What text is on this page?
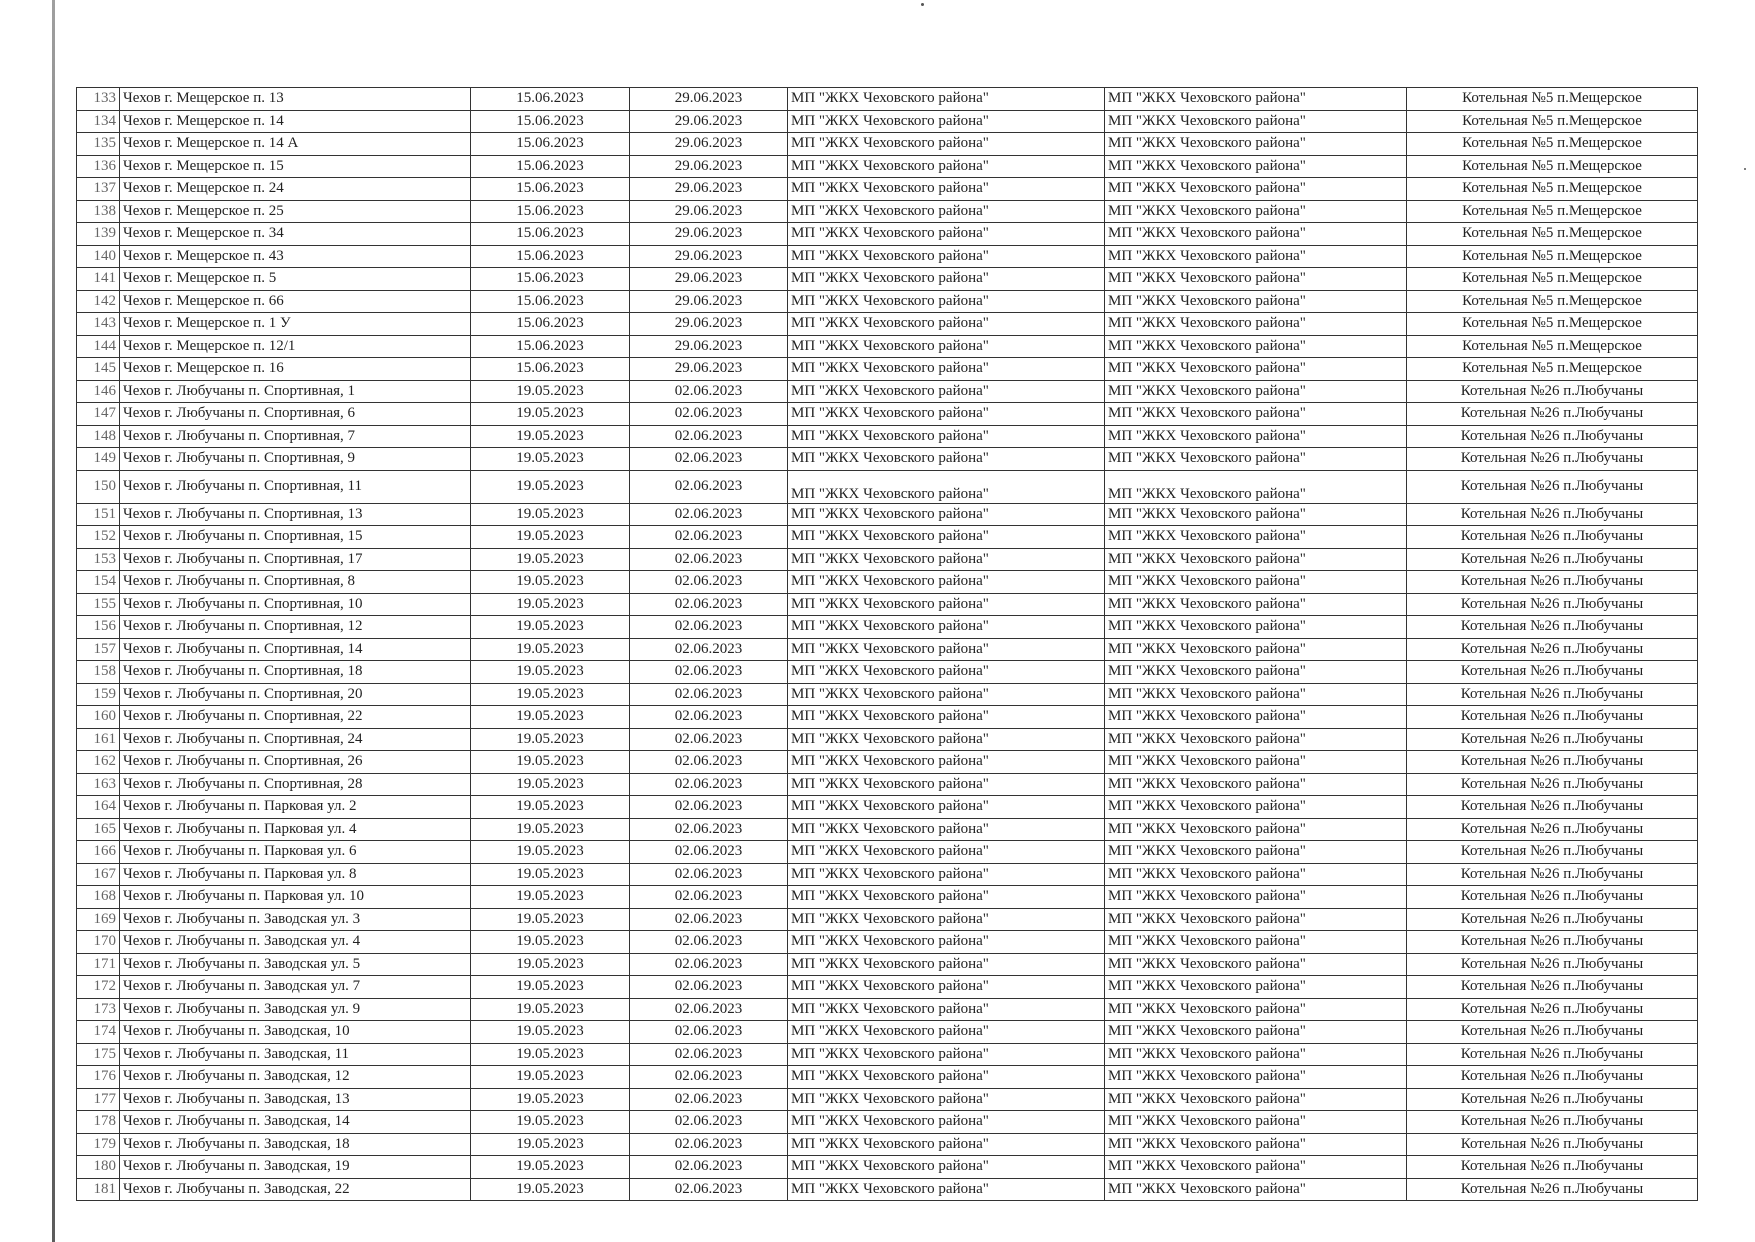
133	Чехов г. Мещерское п. 13	15.06.2023	29.06.2023	МП "ЖКХ Чеховского района"	МП "ЖКХ Чеховского района"	Котельная №5 п.Мещерское
134	Чехов г. Мещерское п. 14	15.06.2023	29.06.2023	МП "ЖКХ Чеховского района"	МП "ЖКХ Чеховского района"	Котельная №5 п.Мещерское
135	Чехов г. Мещерское п. 14 А	15.06.2023	29.06.2023	МП "ЖКХ Чеховского района"	МП "ЖКХ Чеховского района"	Котельная №5 п.Мещерское
136	Чехов г. Мещерское п. 15	15.06.2023	29.06.2023	МП "ЖКХ Чеховского района"	МП "ЖКХ Чеховского района"	Котельная №5 п.Мещерское
137	Чехов г. Мещерское п. 24	15.06.2023	29.06.2023	МП "ЖКХ Чеховского района"	МП "ЖКХ Чеховского района"	Котельная №5 п.Мещерское
138	Чехов г. Мещерское п. 25	15.06.2023	29.06.2023	МП "ЖКХ Чеховского района"	МП "ЖКХ Чеховского района"	Котельная №5 п.Мещерское
139	Чехов г. Мещерское п. 34	15.06.2023	29.06.2023	МП "ЖКХ Чеховского района"	МП "ЖКХ Чеховского района"	Котельная №5 п.Мещерское
140	Чехов г. Мещерское п. 43	15.06.2023	29.06.2023	МП "ЖКХ Чеховского района"	МП "ЖКХ Чеховского района"	Котельная №5 п.Мещерское
141	Чехов г. Мещерское п. 5	15.06.2023	29.06.2023	МП "ЖКХ Чеховского района"	МП "ЖКХ Чеховского района"	Котельная №5 п.Мещерское
142	Чехов г. Мещерское п. 66	15.06.2023	29.06.2023	МП "ЖКХ Чеховского района"	МП "ЖКХ Чеховского района"	Котельная №5 п.Мещерское
143	Чехов г. Мещерское п. 1 У	15.06.2023	29.06.2023	МП "ЖКХ Чеховского района"	МП "ЖКХ Чеховского района"	Котельная №5 п.Мещерское
144	Чехов г. Мещерское п. 12/1	15.06.2023	29.06.2023	МП "ЖКХ Чеховского района"	МП "ЖКХ Чеховского района"	Котельная №5 п.Мещерское
145	Чехов г. Мещерское п. 16	15.06.2023	29.06.2023	МП "ЖКХ Чеховского района"	МП "ЖКХ Чеховского района"	Котельная №5 п.Мещерское
146	Чехов г. Любучаны п. Спортивная, 1	19.05.2023	02.06.2023	МП "ЖКХ Чеховского района"	МП "ЖКХ Чеховского района"	Котельная №26 п.Любучаны
147	Чехов г. Любучаны п. Спортивная, 6	19.05.2023	02.06.2023	МП "ЖКХ Чеховского района"	МП "ЖКХ Чеховского района"	Котельная №26 п.Любучаны
148	Чехов г. Любучаны п. Спортивная, 7	19.05.2023	02.06.2023	МП "ЖКХ Чеховского района"	МП "ЖКХ Чеховского района"	Котельная №26 п.Любучаны
149	Чехов г. Любучаны п. Спортивная, 9	19.05.2023	02.06.2023	МП "ЖКХ Чеховского района"	МП "ЖКХ Чеховского района"	Котельная №26 п.Любучаны
150	Чехов г. Любучаны п. Спортивная, 11	19.05.2023	02.06.2023	МП "ЖКХ Чеховского района"	МП "ЖКХ Чеховского района"	Котельная №26 п.Любучаны
151	Чехов г. Любучаны п. Спортивная, 13	19.05.2023	02.06.2023	МП "ЖКХ Чеховского района"	МП "ЖКХ Чеховского района"	Котельная №26 п.Любучаны
152	Чехов г. Любучаны п. Спортивная, 15	19.05.2023	02.06.2023	МП "ЖКХ Чеховского района"	МП "ЖКХ Чеховского района"	Котельная №26 п.Любучаны
153	Чехов г. Любучаны п. Спортивная, 17	19.05.2023	02.06.2023	МП "ЖКХ Чеховского района"	МП "ЖКХ Чеховского района"	Котельная №26 п.Любучаны
154	Чехов г. Любучаны п. Спортивная, 8	19.05.2023	02.06.2023	МП "ЖКХ Чеховского района"	МП "ЖКХ Чеховского района"	Котельная №26 п.Любучаны
155	Чехов г. Любучаны п. Спортивная, 10	19.05.2023	02.06.2023	МП "ЖКХ Чеховского района"	МП "ЖКХ Чеховского района"	Котельная №26 п.Любучаны
156	Чехов г. Любучаны п. Спортивная, 12	19.05.2023	02.06.2023	МП "ЖКХ Чеховского района"	МП "ЖКХ Чеховского района"	Котельная №26 п.Любучаны
157	Чехов г. Любучаны п. Спортивная, 14	19.05.2023	02.06.2023	МП "ЖКХ Чеховского района"	МП "ЖКХ Чеховского района"	Котельная №26 п.Любучаны
158	Чехов г. Любучаны п. Спортивная, 18	19.05.2023	02.06.2023	МП "ЖКХ Чеховского района"	МП "ЖКХ Чеховского района"	Котельная №26 п.Любучаны
159	Чехов г. Любучаны п. Спортивная, 20	19.05.2023	02.06.2023	МП "ЖКХ Чеховского района"	МП "ЖКХ Чеховского района"	Котельная №26 п.Любучаны
160	Чехов г. Любучаны п. Спортивная, 22	19.05.2023	02.06.2023	МП "ЖКХ Чеховского района"	МП "ЖКХ Чеховского района"	Котельная №26 п.Любучаны
161	Чехов г. Любучаны п. Спортивная, 24	19.05.2023	02.06.2023	МП "ЖКХ Чеховского района"	МП "ЖКХ Чеховского района"	Котельная №26 п.Любучаны
162	Чехов г. Любучаны п. Спортивная, 26	19.05.2023	02.06.2023	МП "ЖКХ Чеховского района"	МП "ЖКХ Чеховского района"	Котельная №26 п.Любучаны
163	Чехов г. Любучаны п. Спортивная, 28	19.05.2023	02.06.2023	МП "ЖКХ Чеховского района"	МП "ЖКХ Чеховского района"	Котельная №26 п.Любучаны
164	Чехов г. Любучаны п. Парковая ул. 2	19.05.2023	02.06.2023	МП "ЖКХ Чеховского района"	МП "ЖКХ Чеховского района"	Котельная №26 п.Любучаны
165	Чехов г. Любучаны п. Парковая ул. 4	19.05.2023	02.06.2023	МП "ЖКХ Чеховского района"	МП "ЖКХ Чеховского района"	Котельная №26 п.Любучаны
166	Чехов г. Любучаны п. Парковая ул. 6	19.05.2023	02.06.2023	МП "ЖКХ Чеховского района"	МП "ЖКХ Чеховского района"	Котельная №26 п.Любучаны
167	Чехов г. Любучаны п. Парковая ул. 8	19.05.2023	02.06.2023	МП "ЖКХ Чеховского района"	МП "ЖКХ Чеховского района"	Котельная №26 п.Любучаны
168	Чехов г. Любучаны п. Парковая ул. 10	19.05.2023	02.06.2023	МП "ЖКХ Чеховского района"	МП "ЖКХ Чеховского района"	Котельная №26 п.Любучаны
169	Чехов г. Любучаны п. Заводская ул. 3	19.05.2023	02.06.2023	МП "ЖКХ Чеховского района"	МП "ЖКХ Чеховского района"	Котельная №26 п.Любучаны
170	Чехов г. Любучаны п. Заводская ул. 4	19.05.2023	02.06.2023	МП "ЖКХ Чеховского района"	МП "ЖКХ Чеховского района"	Котельная №26 п.Любучаны
171	Чехов г. Любучаны п. Заводская ул. 5	19.05.2023	02.06.2023	МП "ЖКХ Чеховского района"	МП "ЖКХ Чеховского района"	Котельная №26 п.Любучаны
172	Чехов г. Любучаны п. Заводская ул. 7	19.05.2023	02.06.2023	МП "ЖКХ Чеховского района"	МП "ЖКХ Чеховского района"	Котельная №26 п.Любучаны
173	Чехов г. Любучаны п. Заводская ул. 9	19.05.2023	02.06.2023	МП "ЖКХ Чеховского района"	МП "ЖКХ Чеховского района"	Котельная №26 п.Любучаны
174	Чехов г. Любучаны п. Заводская, 10	19.05.2023	02.06.2023	МП "ЖКХ Чеховского района"	МП "ЖКХ Чеховского района"	Котельная №26 п.Любучаны
175	Чехов г. Любучаны п. Заводская, 11	19.05.2023	02.06.2023	МП "ЖКХ Чеховского района"	МП "ЖКХ Чеховского района"	Котельная №26 п.Любучаны
176	Чехов г. Любучаны п. Заводская, 12	19.05.2023	02.06.2023	МП "ЖКХ Чеховского района"	МП "ЖКХ Чеховского района"	Котельная №26 п.Любучаны
177	Чехов г. Любучаны п. Заводская, 13	19.05.2023	02.06.2023	МП "ЖКХ Чеховского района"	МП "ЖКХ Чеховского района"	Котельная №26 п.Любучаны
178	Чехов г. Любучаны п. Заводская, 14	19.05.2023	02.06.2023	МП "ЖКХ Чеховского района"	МП "ЖКХ Чеховского района"	Котельная №26 п.Любучаны
179	Чехов г. Любучаны п. Заводская, 18	19.05.2023	02.06.2023	МП "ЖКХ Чеховского района"	МП "ЖКХ Чеховского района"	Котельная №26 п.Любучаны
180	Чехов г. Любучаны п. Заводская, 19	19.05.2023	02.06.2023	МП "ЖКХ Чеховского района"	МП "ЖКХ Чеховского района"	Котельная №26 п.Любучаны
181	Чехов г. Любучаны п. Заводская, 22	19.05.2023	02.06.2023	МП "ЖКХ Чеховского района"	МП "ЖКХ Чеховского района"	Котельная №26 п.Любучаны
